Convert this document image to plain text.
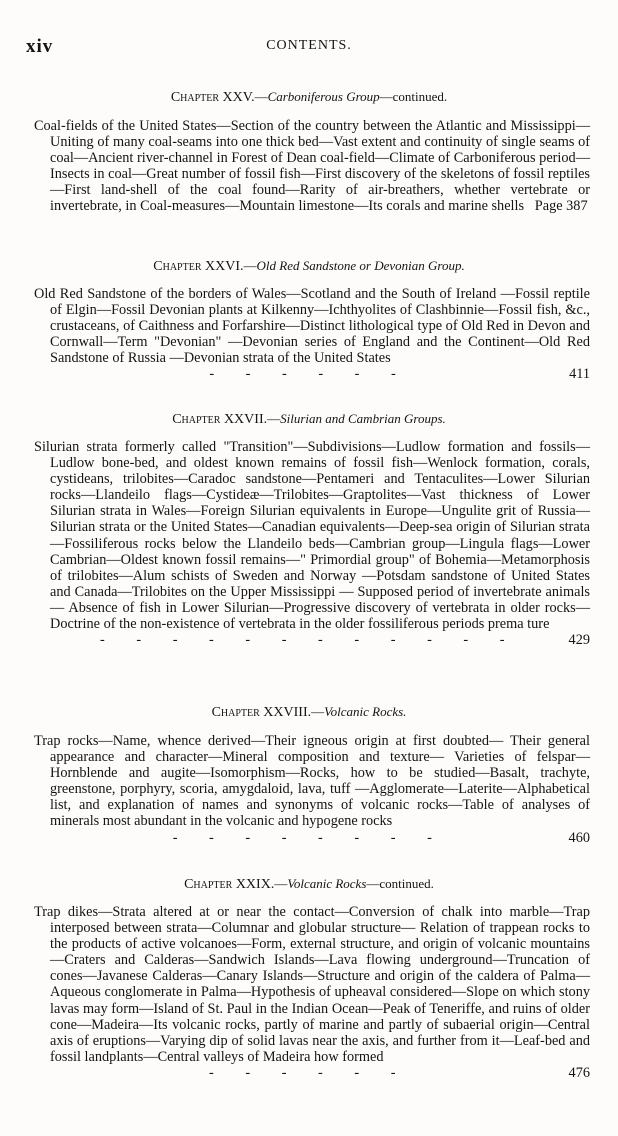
xiv	CONTENTS.
Chapter XXV.—Carboniferous Group—continued.

Coal-fields of the United States—Section of the country between the Atlantic and Mississippi—Uniting of many coal-seams into one thick bed—Vast extent and continuity of single seams of coal—Ancient river-channel in Forest of Dean coal-field—Climate of Carboniferous period—Insects in coal—Great number of fossil fish—First discovery of the skeletons of fossil reptiles—First land-shell of the coal found—Rarity of air-breathers, whether vertebrate or invertebrate, in Coal-measures—Mountain limestone—Its corals and marine shells Page 387

Chapter XXVI.—Old Red Sandstone or Devonian Group.

Old Red Sandstone of the borders of Wales—Scotland and the South of Ireland —Fossil reptile of Elgin—Fossil Devonian plants at Kilkenny—Ichthyolites of Clashbinnie—Fossil fish, &c., crustaceans, of Caithness and Forfarshire—Distinct lithological type of Old Red in Devon and Cornwall—Term "Devonian" —Devonian series of England and the Continent—Old Red Sandstone of Russia —Devonian strata of the United States
- - - - - -	411

Chapter XXVII.—Silurian and Cambrian Groups.

Silurian strata formerly called "Transition"—Subdivisions—Ludlow formation and fossils—Ludlow bone-bed, and oldest known remains of fossil fish—Wenlock formation, corals, cystideans, trilobites—Caradoc sandstone—Pentameri and Tentaculites—Lower Silurian rocks—Llandeilo flags—Cystideæ—Trilobites—Graptolites—Vast thickness of Lower Silurian strata in Wales—Foreign Silurian equivalents in Europe—Ungulite grit of Russia—Silurian strata or the United States—Canadian equivalents—Deep-sea origin of Silurian strata —Fossiliferous rocks below the Llandeilo beds—Cambrian group—Lingula flags—Lower Cambrian—Oldest known fossil remains—" Primordial group" of Bohemia—Metamorphosis of trilobites—Alum schists of Sweden and Norway —Potsdam sandstone of United States and Canada—Trilobites on the Upper Mississippi — Supposed period of invertebrate animals — Absence of fish in Lower Silurian—Progressive discovery of vertebrata in older rocks—Doctrine of the non-existence of vertebrata in the older fossiliferous periods prema ture
- - - - - - - - - - - -	429

Chapter XXVIII.—Volcanic Rocks.

Trap rocks—Name, whence derived—Their igneous origin at first doubted— Their general appearance and character—Mineral composition and texture— Varieties of felspar—Hornblende and augite—Isomorphism—Rocks, how to be studied—Basalt, trachyte, greenstone, porphyry, scoria, amygdaloid, lava, tuff —Agglomerate—Laterite—Alphabetical list, and explanation of names and synonyms of volcanic rocks—Table of analyses of minerals most abundant in the volcanic and hypogene rocks
- - - - - - - -	460

Chapter XXIX.—Volcanic Rocks—continued.

Trap dikes—Strata altered at or near the contact—Conversion of chalk into marble—Trap interposed between strata—Columnar and globular structure— Relation of trappean rocks to the products of active volcanoes—Form, external structure, and origin of volcanic mountains—Craters and Calderas—Sandwich Islands—Lava flowing underground—Truncation of cones—Javanese Calderas—Canary Islands—Structure and origin of the caldera of Palma— Aqueous conglomerate in Palma—Hypothesis of upheaval considered—Slope on which stony lavas may form—Island of St. Paul in the Indian Ocean—Peak of Teneriffe, and ruins of older cone—Madeira—Its volcanic rocks, partly of marine and partly of subaerial origin—Central axis of eruptions—Varying dip of solid lavas near the axis, and further from it—Leaf-bed and fossil landplants—Central valleys of Madeira how formed
- - - - - -	476
